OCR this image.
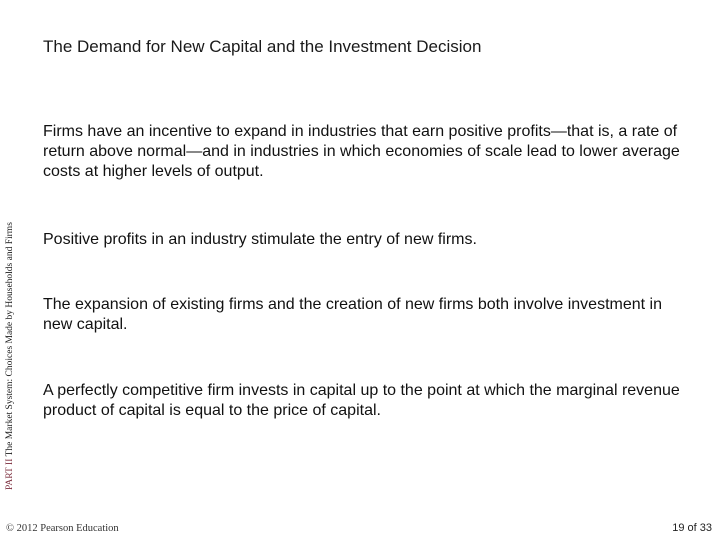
The Demand for New Capital and the Investment Decision
PART II The Market System: Choices Made by Households and Firms
Firms have an incentive to expand in industries that earn positive profits—that is, a rate of return above normal—and in industries in which economies of scale lead to lower average costs at higher levels of output.
Positive profits in an industry stimulate the entry of new firms.
The expansion of existing firms and the creation of new firms both involve investment in new capital.
A perfectly competitive firm invests in capital up to the point at which the marginal revenue product of capital is equal to the price of capital.
© 2012 Pearson Education	19 of 33
